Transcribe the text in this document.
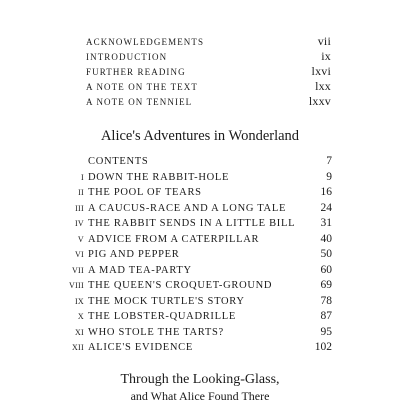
ACKNOWLEDGEMENTS	vii
INTRODUCTION	ix
FURTHER READING	lxvi
A NOTE ON THE TEXT	lxx
A NOTE ON TENNIEL	lxxv
Alice's Adventures in Wonderland
CONTENTS	7
I DOWN THE RABBIT-HOLE	9
II THE POOL OF TEARS	16
III A CAUCUS-RACE AND A LONG TALE	24
IV THE RABBIT SENDS IN A LITTLE BILL	31
V ADVICE FROM A CATERPILLAR	40
VI PIG AND PEPPER	50
VII A MAD TEA-PARTY	60
VIII THE QUEEN'S CROQUET-GROUND	69
IX THE MOCK TURTLE'S STORY	78
X THE LOBSTER-QUADRILLE	87
XI WHO STOLE THE TARTS?	95
XII ALICE'S EVIDENCE	102
Through the Looking-Glass,
and What Alice Found There
